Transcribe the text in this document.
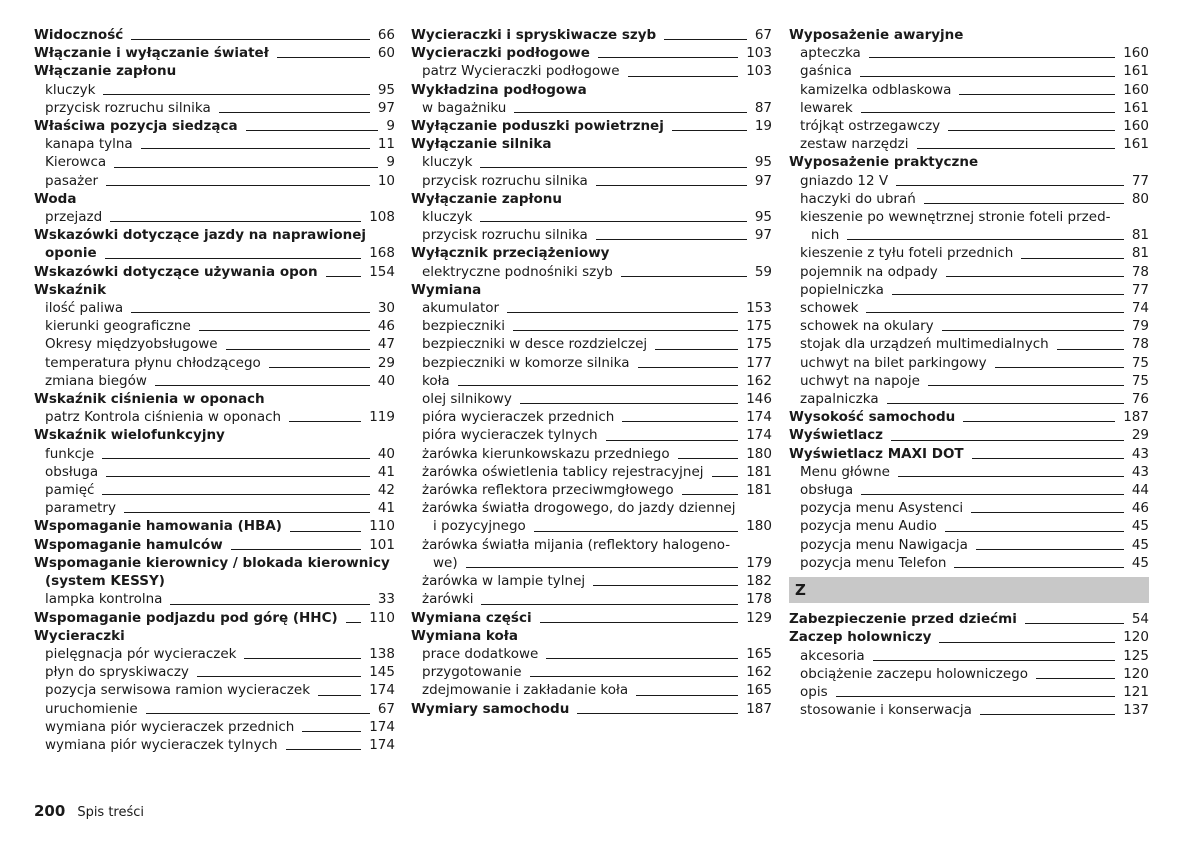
Widoczność	66
Włączanie i wyłączanie świateł	60
Włączanie zapłonu
kluczyk	95
przycisk rozruchu silnika	97
Właściwa pozycja siedząca	9
kanapa tylna	11
Kierowca	9
pasażer	10
Woda
przejazd	108
Wskazówki dotyczące jazdy na naprawionej
oponie	168
Wskazówki dotyczące używania opon	154
Wskaźnik
ilość paliwa	30
kierunki geograficzne	46
Okresy międzyobsługowe	47
temperatura płynu chłodzącego	29
zmiana biegów	40
Wskaźnik ciśnienia w oponach
patrz Kontrola ciśnienia w oponach	119
Wskaźnik wielofunkcyjny
funkcje	40
obsługa	41
pamięć	42
parametry	41
Wspomaganie hamowania (HBA)	110
Wspomaganie hamulców	101
Wspomaganie kierownicy / blokada kierownicy
(system KESSY)
lampka kontrolna	33
Wspomaganie podjazdu pod górę (HHC) 110
Wycieraczki
pielęgnacja pór wycieraczek	138
płyn do spryskiwaczy	145
pozycja serwisowa ramion wycieraczek	174
uruchomienie	67
wymiana piór wycieraczek przednich	174
wymiana piór wycieraczek tylnych	174
Wycieraczki i spryskiwacze szyb	67
Wycieraczki podłogowe	103
patrz Wycieraczki podłogowe	103
Wykładzina podłogowa
w bagażniku	87
Wyłączanie poduszki powietrznej	19
Wyłączanie silnika
kluczyk	95
przycisk rozruchu silnika	97
Wyłączanie zapłonu
kluczyk	95
przycisk rozruchu silnika	97
Wyłącznik przeciążeniowy
elektryczne podnośniki szyb	59
Wymiana
akumulator	153
bezpieczniki	175
bezpieczniki w desce rozdzielczej	175
bezpieczniki w komorze silnika	177
koła	162
olej silnikowy	146
pióra wycieraczek przednich	174
pióra wycieraczek tylnych	174
żarówka kierunkowskazu przedniego	180
żarówka oświetlenia tablicy rejestracyjnej	181
żarówka reflektora przeciwmgłowego	181
żarówka światła drogowego, do jazdy dziennej
i pozycyjnego	180
żarówka światła mijania (reflektory halogeno-
we)	179
żarówka w lampie tylnej	182
żarówki	178
Wymiana części	129
Wymiana koła
prace dodatkowe	165
przygotowanie	162
zdejmowanie i zakładanie koła	165
Wymiary samochodu	187
Wyposażenie awaryjne
apteczka	160
gaśnica	161
kamizelka odblaskowa	160
lewarek	161
trójkąt ostrzegawczy	160
zestaw narzędzi	161
Wyposażenie praktyczne
gniazdo 12 V	77
haczyki do ubrań	80
kieszenie po wewnętrznej stronie foteli przed-
nich	81
kieszenie z tyłu foteli przednich	81
pojemnik na odpady	78
popielniczka	77
schowek	74
schowek na okulary	79
stojak dla urządzeń multimedialnych	78
uchwyt na bilet parkingowy	75
uchwyt na napoje	75
zapalniczka	76
Wysokość samochodu	187
Wyświetlacz	29
Wyświetlacz MAXI DOT	43
Menu główne	43
obsługa	44
pozycja menu Asystenci	46
pozycja menu Audio	45
pozycja menu Nawigacja	45
pozycja menu Telefon	45
Z
Zabezpieczenie przed dziećmi	54
Zaczep holowniczy	120
akcesoria	125
obciążenie zaczepu holowniczego	120
opis	121
stosowanie i konserwacja	137
200 Spis treści
